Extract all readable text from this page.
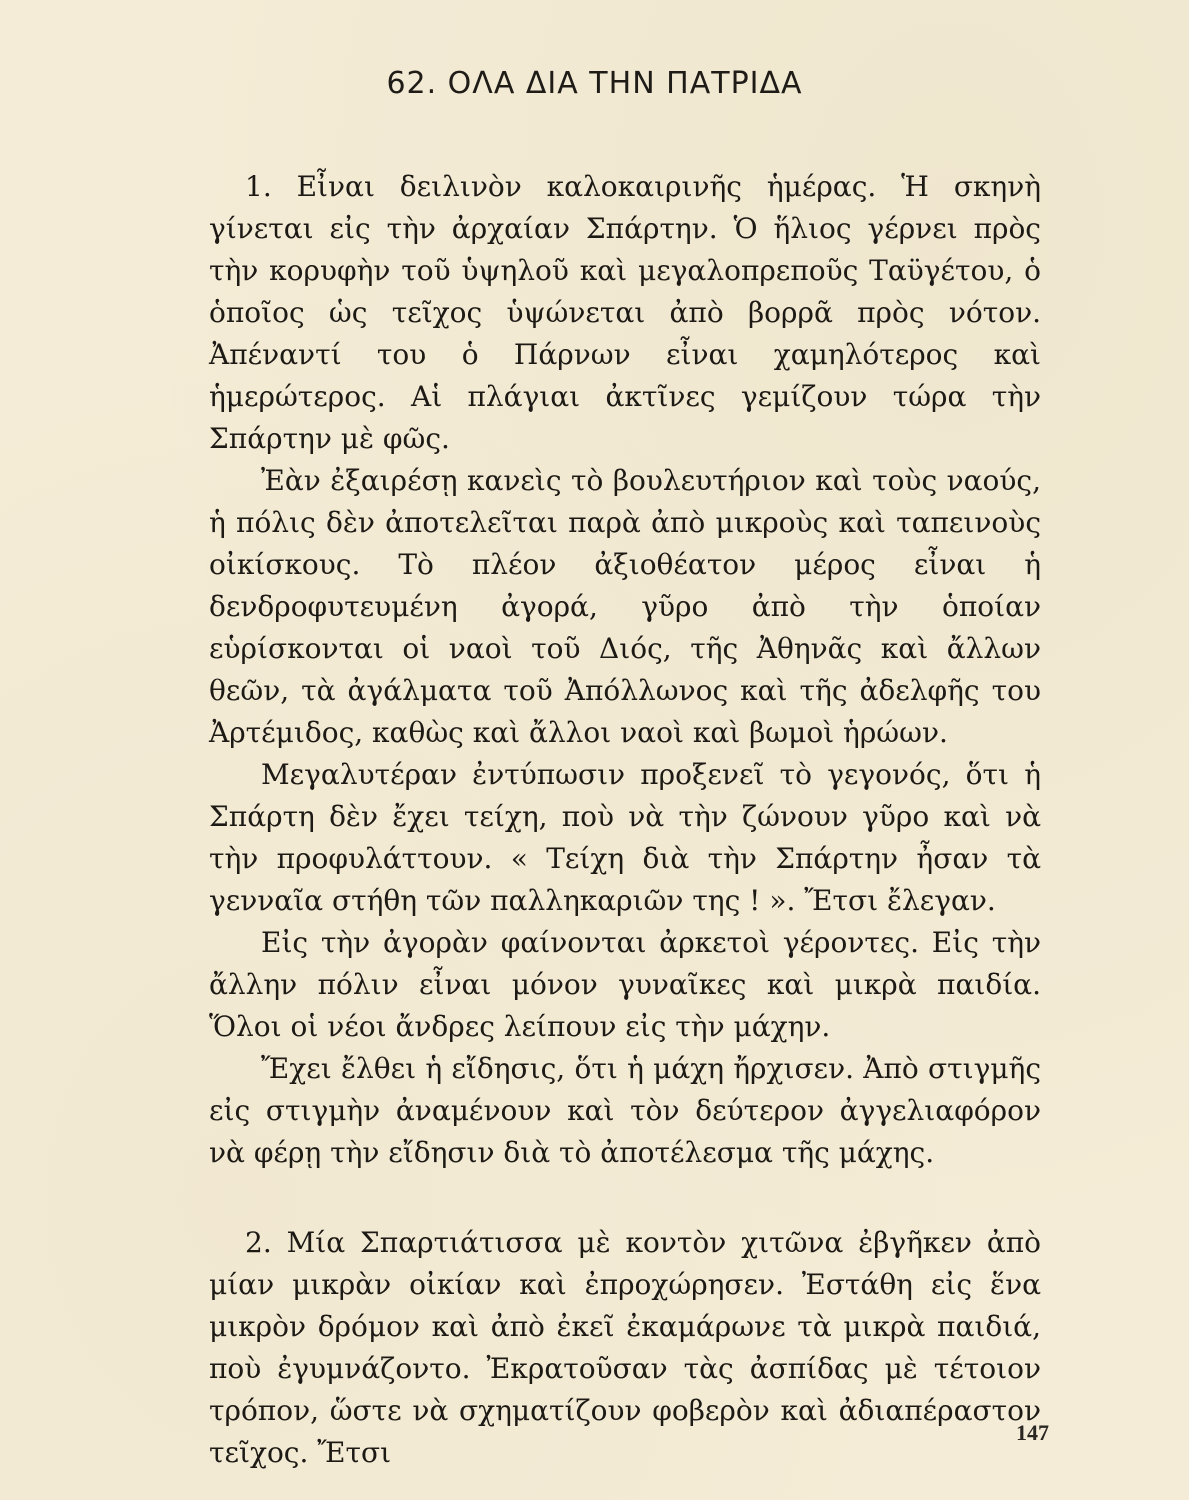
62. ΟΛΑ ΔΙΑ ΤΗΝ ΠΑΤΡΙΔΑ

1. Εἶναι δειλινὸν καλοκαιρινῆς ἡμέρας. Ἡ σκηνὴ γίνεται εἰς τὴν ἀρχαίαν Σπάρτην. Ὁ ἥλιος γέρνει πρὸς τὴν κορυφὴν τοῦ ὑψηλοῦ καὶ μεγαλοπρεποῦς Ταϋγέτου, ὁ ὁποῖος ὡς τεῖχος ὑψώνεται ἀπὸ βορρᾶ πρὸς νότον. Ἀπέναντί του ὁ Πάρνων εἶναι χαμηλότερος καὶ ἡμερώτερος. Αἱ πλάγιαι ἀκτῖνες γεμίζουν τώρα τὴν Σπάρτην μὲ φῶς.

Ἐὰν ἐξαιρέσῃ κανεὶς τὸ βουλευτήριον καὶ τοὺς ναούς, ἡ πόλις δὲν ἀποτελεῖται παρὰ ἀπὸ μικροὺς καὶ ταπεινοὺς οἰκίσκους. Τὸ πλέον ἀξιοθέατον μέρος εἶναι ἡ δενδροφυτευμένη ἀγορά, γῦρο ἀπὸ τὴν ὁποίαν εὑρίσκονται οἱ ναοὶ τοῦ Διός, τῆς Ἀθηνᾶς καὶ ἄλλων θεῶν, τὰ ἀγάλματα τοῦ Ἀπόλλωνος καὶ τῆς ἀδελφῆς του Ἀρτέμιδος, καθὼς καὶ ἄλλοι ναοὶ καὶ βωμοὶ ἡρώων.

Μεγαλυτέραν ἐντύπωσιν προξενεῖ τὸ γεγονός, ὅτι ἡ Σπάρτη δὲν ἔχει τείχη, ποὺ νὰ τὴν ζώνουν γῦρο καὶ νὰ τὴν προφυλάττουν. « Τείχη διὰ τὴν Σπάρτην ἦσαν τὰ γενναῖα στήθη τῶν παλληκαριῶν της ! ». Ἔτσι ἔλεγαν.

Εἰς τὴν ἀγορὰν φαίνονται ἀρκετοὶ γέροντες. Εἰς τὴν ἄλλην πόλιν εἶναι μόνον γυναῖκες καὶ μικρὰ παιδία. Ὅλοι οἱ νέοι ἄνδρες λείπουν εἰς τὴν μάχην.

Ἔχει ἔλθει ἡ εἴδησις, ὅτι ἡ μάχη ἤρχισεν. Ἀπὸ στιγμῆς εἰς στιγμὴν ἀναμένουν καὶ τὸν δεύτερον ἀγγελιαφόρον νὰ φέρῃ τὴν εἴδησιν διὰ τὸ ἀποτέλεσμα τῆς μάχης.

2. Μία Σπαρτιάτισσα μὲ κοντὸν χιτῶνα ἐβγῆκεν ἀπὸ μίαν μικρὰν οἰκίαν καὶ ἐπροχώρησεν. Ἐστάθη εἰς ἕνα μικρὸν δρόμον καὶ ἀπὸ ἐκεῖ ἐκαμάρωνε τὰ μικρὰ παιδιά, ποὺ ἐγυμνάζοντο. Ἐκρατοῦσαν τὰς ἀσπίδας μὲ τέτοιον τρόπον, ὥστε νὰ σχηματίζουν φοβερὸν καὶ ἀδιαπέραστον τεῖχος. Ἔτσι

147
